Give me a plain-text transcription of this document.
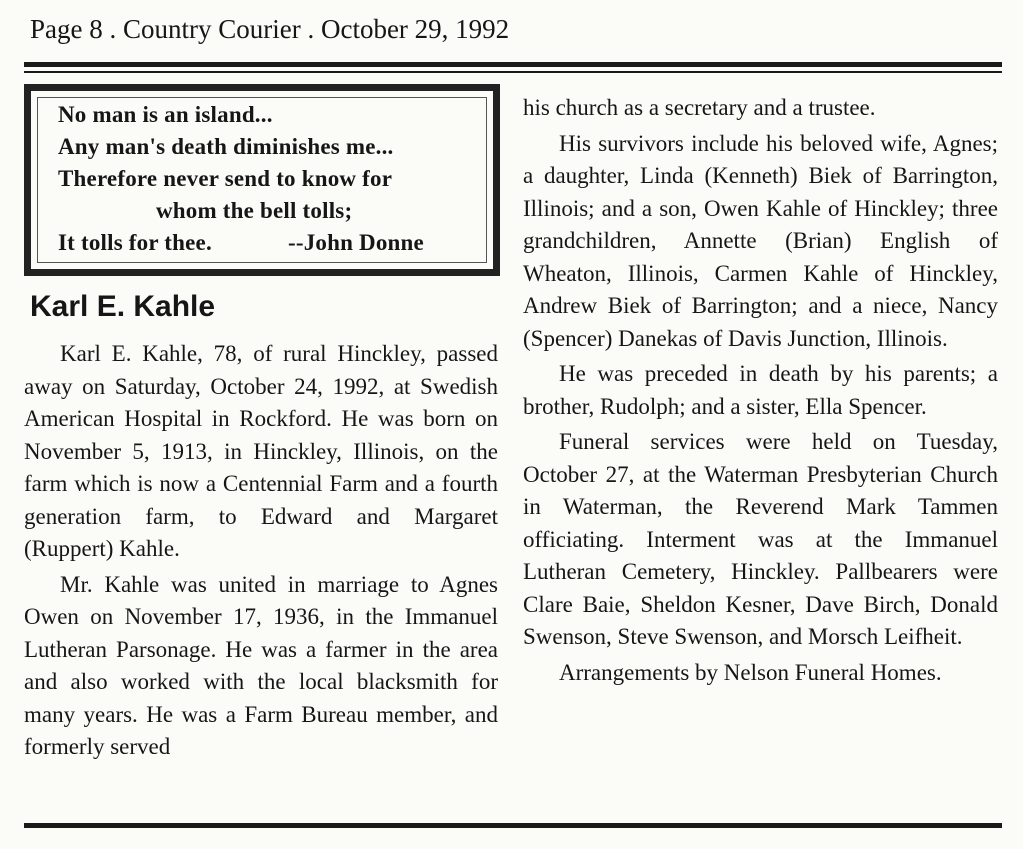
Page 8 . Country Courier . October 29, 1992
No man is an island...
Any man's death diminishes me...
Therefore never send to know for
whom the bell tolls;
It tolls for thee.	--John Donne
Karl E. Kahle

Karl E. Kahle, 78, of rural Hinckley, passed away on Saturday, October 24, 1992, at Swedish American Hospital in Rockford. He was born on November 5, 1913, in Hinckley, Illinois, on the farm which is now a Centennial Farm and a fourth generation farm, to Edward and Margaret (Ruppert) Kahle.

Mr. Kahle was united in marriage to Agnes Owen on November 17, 1936, in the Immanuel Lutheran Parsonage. He was a farmer in the area and also worked with the local blacksmith for many years. He was a Farm Bureau member, and formerly served

his church as a secretary and a trustee.

His survivors include his beloved wife, Agnes; a daughter, Linda (Kenneth) Biek of Barrington, Illinois; and a son, Owen Kahle of Hinckley; three grandchildren, Annette (Brian) English of Wheaton, Illinois, Carmen Kahle of Hinckley, Andrew Biek of Barrington; and a niece, Nancy (Spencer) Danekas of Davis Junction, Illinois.

He was preceded in death by his parents; a brother, Rudolph; and a sister, Ella Spencer.

Funeral services were held on Tuesday, October 27, at the Waterman Presbyterian Church in Waterman, the Reverend Mark Tammen officiating. Interment was at the Immanuel Lutheran Cemetery, Hinckley. Pallbearers were Clare Baie, Sheldon Kesner, Dave Birch, Donald Swenson, Steve Swenson, and Morsch Leifheit.

Arrangements by Nelson Funeral Homes.
